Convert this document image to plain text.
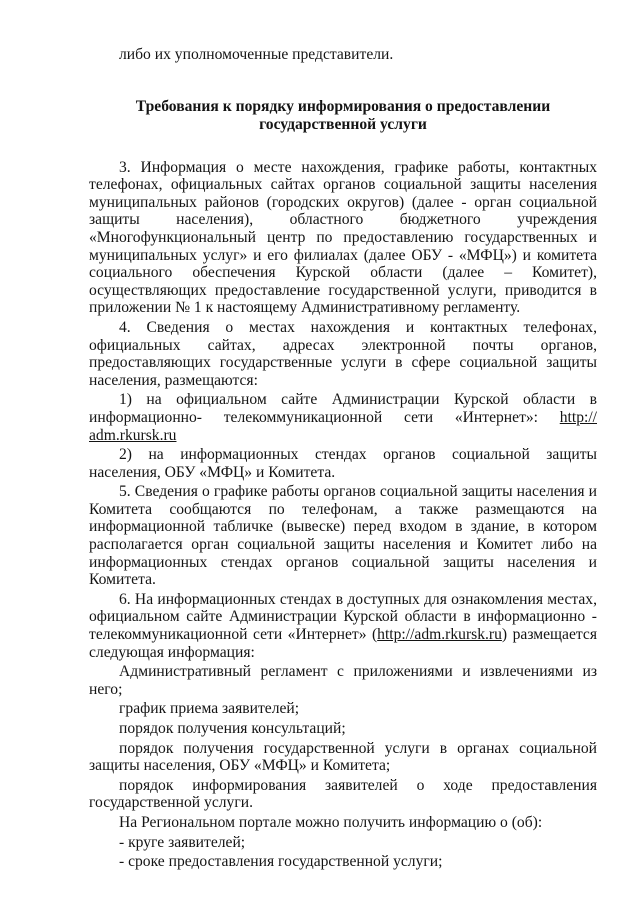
либо их уполномоченные представители.

Требования к порядку информирования о предоставлении
государственной услуги

3. Информация о месте нахождения, графике работы, контактных телефонах, официальных сайтах органов социальной защиты населения муниципальных районов (городских округов) (далее - орган социальной защиты населения), областного бюджетного учреждения «Многофункциональный центр по предоставлению государственных и муниципальных услуг» и его филиалах (далее ОБУ - «МФЦ») и комитета социального обеспечения Курской области (далее – Комитет), осуществляющих предоставление государственной услуги, приводится в приложении № 1 к настоящему Административному регламенту.

4. Сведения о местах нахождения и контактных телефонах, официальных сайтах, адресах электронной почты органов, предоставляющих государственные услуги в сфере социальной защиты населения, размещаются:

1) на официальном сайте Администрации Курской области в информационно- телекоммуникационной сети «Интернет»: http:// adm.rkursk.ru

2) на информационных стендах органов социальной защиты населения, ОБУ «МФЦ» и Комитета.

5. Сведения о графике работы органов социальной защиты населения и Комитета сообщаются по телефонам, а также размещаются на информационной табличке (вывеске) перед входом в здание, в котором располагается орган социальной защиты населения и Комитет либо на информационных стендах органов социальной защиты населения и Комитета.

6. На информационных стендах в доступных для ознакомления местах, официальном сайте Администрации Курской области в информационно - телекоммуникационной сети «Интернет» (http://adm.rkursk.ru) размещается следующая информация:

Административный регламент с приложениями и извлечениями из него;

график приема заявителей;

порядок получения консультаций;

порядок получения государственной услуги в органах социальной защиты населения, ОБУ «МФЦ» и Комитета;

порядок информирования заявителей о ходе предоставления государственной услуги.

На Региональном портале можно получить информацию о (об):

- круге заявителей;

- сроке предоставления государственной услуги;
